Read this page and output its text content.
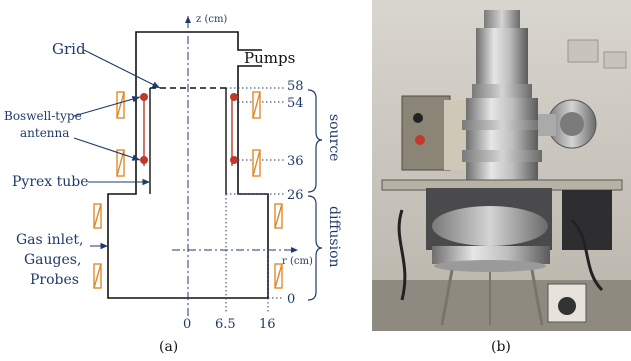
z (cm)
r (cm)
Grid	Pumps
Boswell-type
antenna
Pyrex tube
Gas inlet,
Gauges,
Probes
58
54
36
26
0
0 6.5 16
source
diffusion
(a)	(b)
